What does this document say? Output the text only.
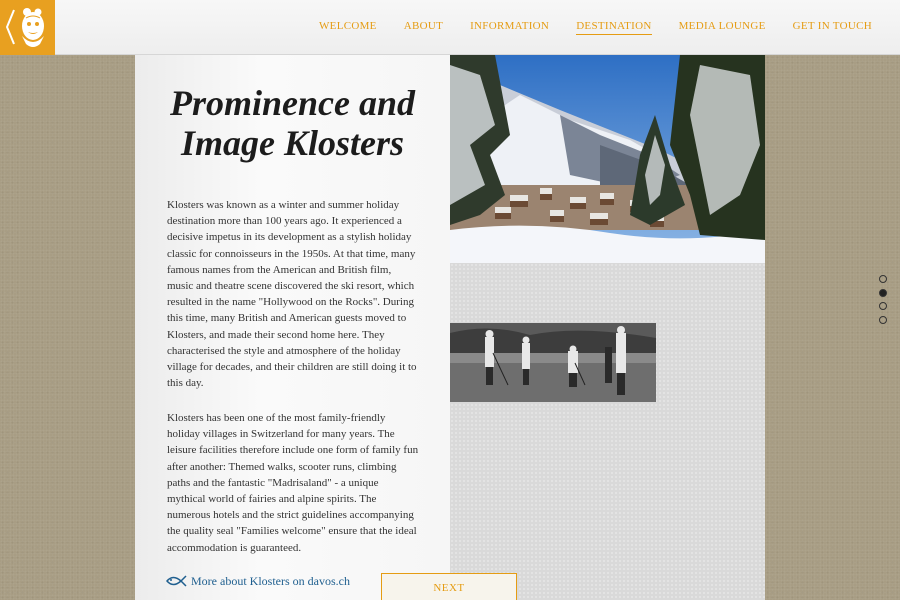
WELCOME ABOUT INFORMATION DESTINATION MEDIA LOUNGE GET IN TOUCH
Prominence and
Image Klosters

Klosters was known as a winter and summer holiday destination more than 100 years ago. It experienced a decisive impetus in its development as a stylish holiday classic for connoisseurs in the 1950s. At that time, many famous names from the American and British film, music and theatre scene discovered the ski resort, which resulted in the name "Hollywood on the Rocks". During this time, many British and American guests moved to Klosters, and made their second home here. They characterised the style and atmosphere of the holiday village for decades, and their children are still doing it to this day.

Klosters has been one of the most family-friendly holiday villages in Switzerland for many years. The leisure facilities therefore include one form of family fun after another: Themed walks, scooter runs, climbing paths and the fantastic "Madrisaland" - a unique mythical world of fairies and alpine spirits. The numerous hotels and the strict guidelines accompanying the quality seal "Families welcome" ensure that the ideal accommodation is guaranteed.

More about Klosters on davos.ch
NEXT
